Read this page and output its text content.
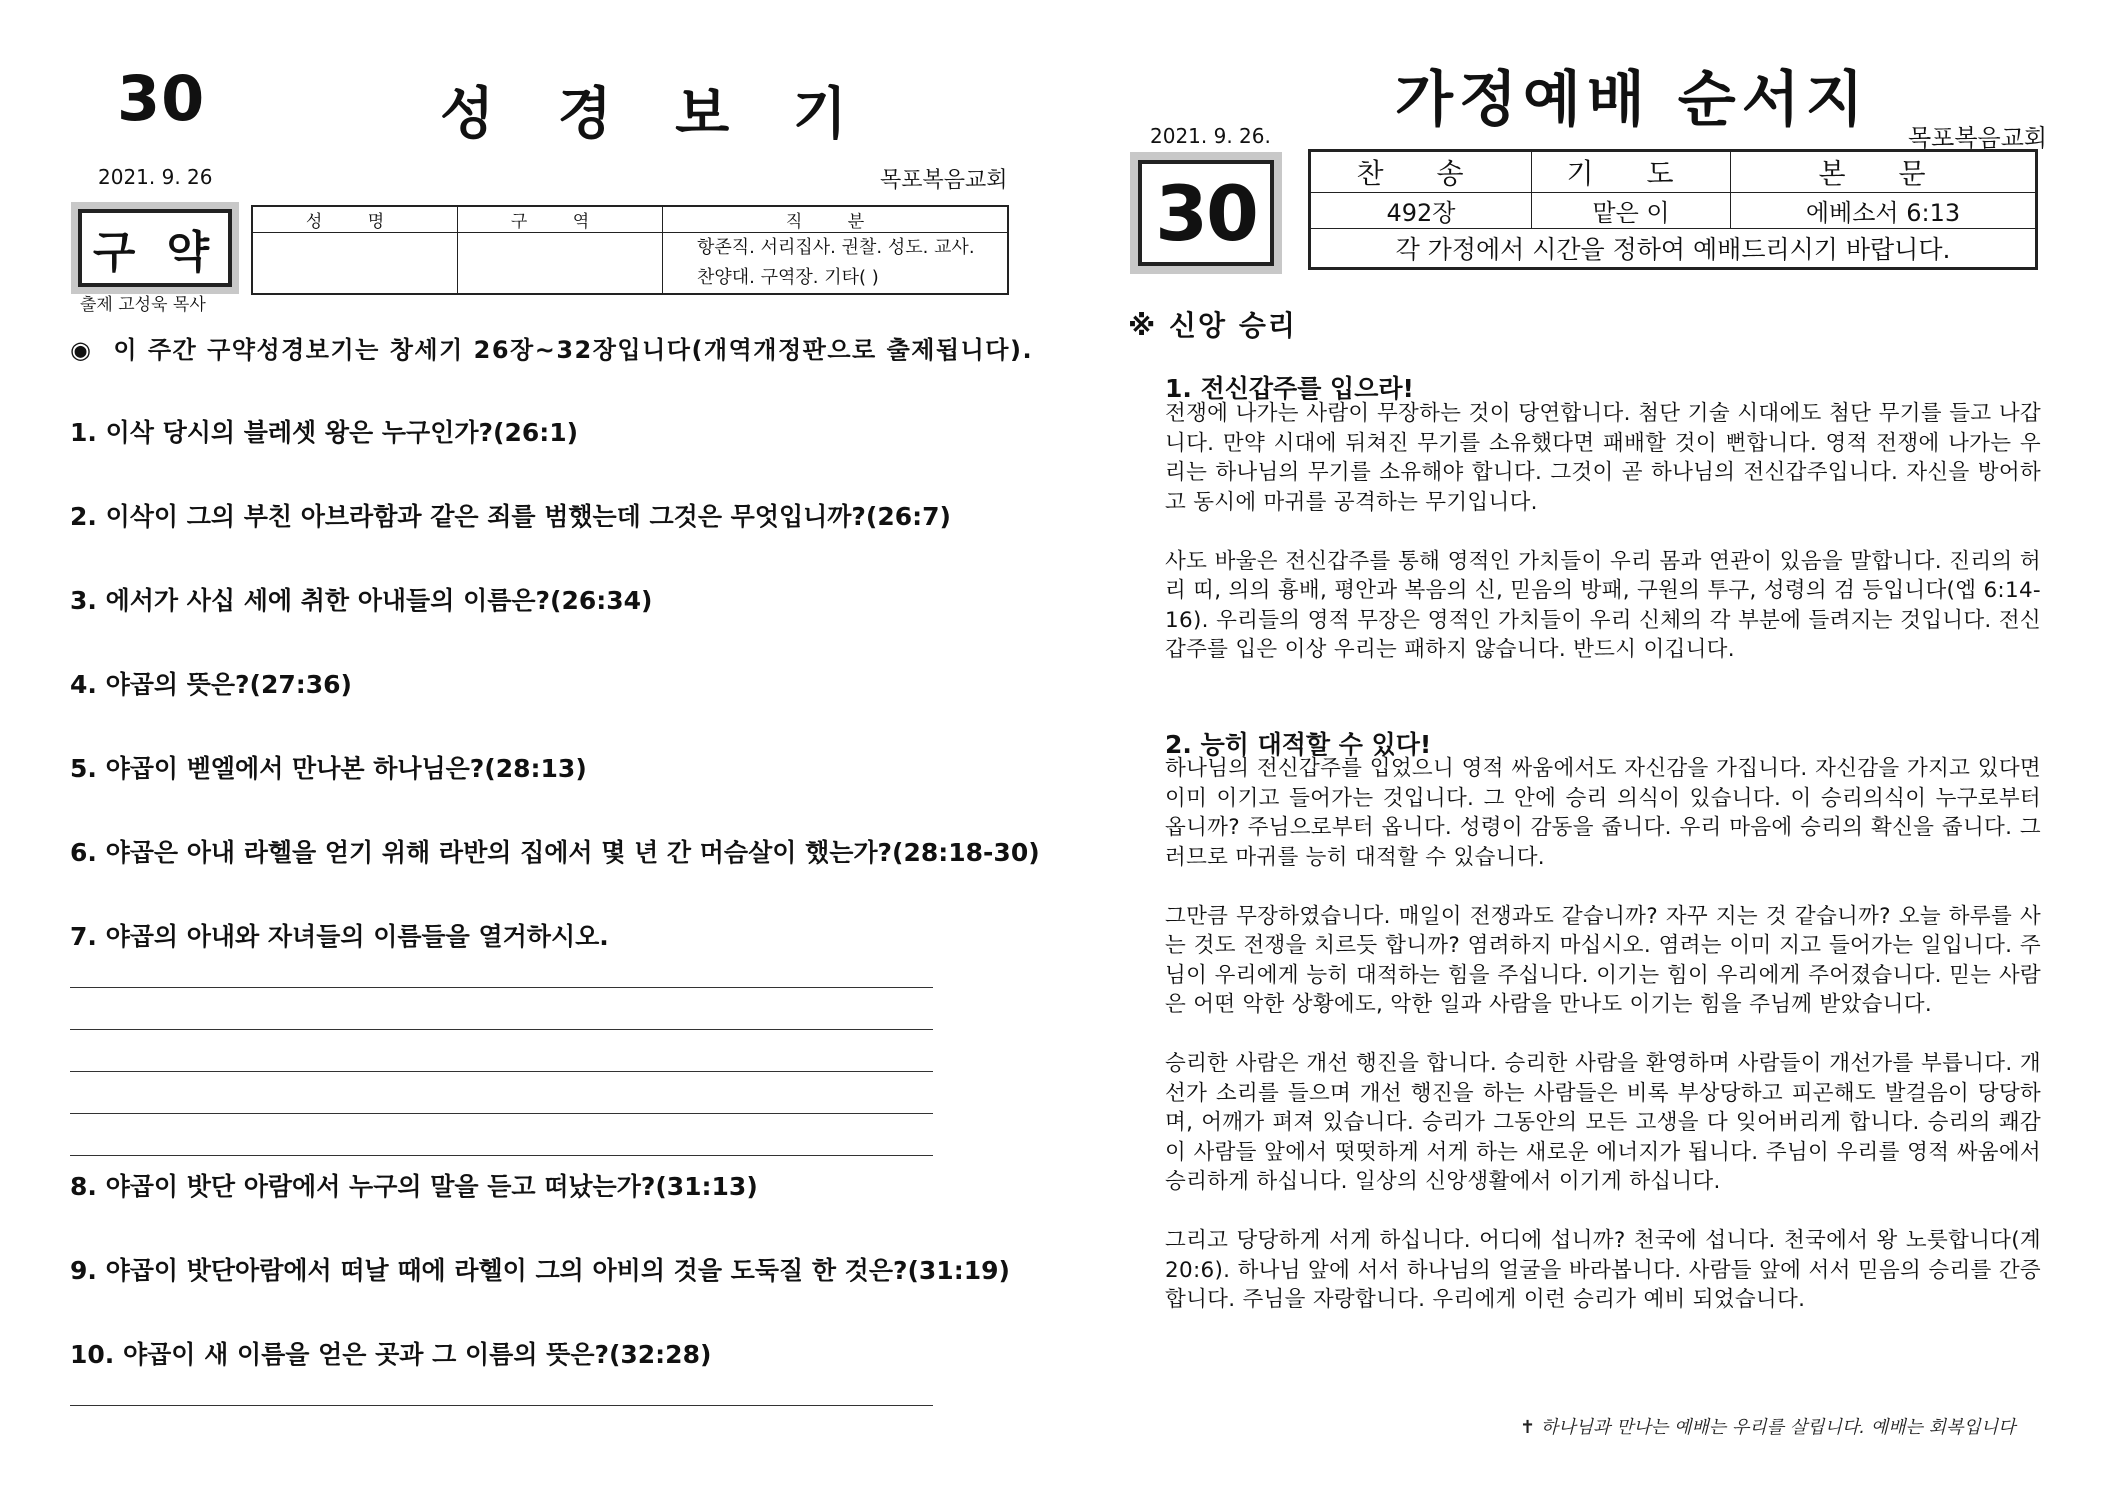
30	성 경 보 기
2021. 9. 26	목포복음교회
구 약
출제 고성욱 목사
성 명	구 역	직 분

		항존직. 서리집사. 권찰. 성도. 교사.
찬양대. 구역장. 기타( )
◉ 이 주간 구약성경보기는 창세기 26장~32장입니다(개역개정판으로 출제됩니다).
1. 이삭 당시의 블레셋 왕은 누구인가?(26:1)
2. 이삭이 그의 부친 아브라함과 같은 죄를 범했는데 그것은 무엇입니까?(26:7)
3. 에서가 사십 세에 취한 아내들의 이름은?(26:34)
4. 야곱의 뜻은?(27:36)
5. 야곱이 벧엘에서 만나본 하나님은?(28:13)
6. 야곱은 아내 라헬을 얻기 위해 라반의 집에서 몇 년 간 머슴살이 했는가?(28:18-30)
7. 야곱의 아내와 자녀들의 이름들을 열거하시오.
8. 야곱이 밧단 아람에서 누구의 말을 듣고 떠났는가?(31:13)
9. 야곱이 밧단아람에서 떠날 때에 라헬이 그의 아비의 것을 도둑질 한 것은?(31:19)
10. 야곱이 새 이름을 얻은 곳과 그 이름의 뜻은?(32:28)
가정예배 순서지
2021. 9. 26.	목포복음교회
30	찬 송	기 도	본 문
492장	맡은 이	에베소서 6:13
각 가정에서 시간을 정하여 예배드리시기 바랍니다.		
※ 신앙 승리
1. 전신갑주를 입으라!

전쟁에 나가는 사람이 무장하는 것이 당연합니다. 첨단 기술 시대에도 첨단 무기를 들고 나갑니다. 만약 시대에 뒤쳐진 무기를 소유했다면 패배할 것이 뻔합니다. 영적 전쟁에 나가는 우리는 하나님의 무기를 소유해야 합니다. 그것이 곧 하나님의 전신갑주입니다. 자신을 방어하고 동시에 마귀를 공격하는 무기입니다.

사도 바울은 전신갑주를 통해 영적인 가치들이 우리 몸과 연관이 있음을 말합니다. 진리의 허리 띠, 의의 흉배, 평안과 복음의 신, 믿음의 방패, 구원의 투구, 성령의 검 등입니다(엡 6:14-16). 우리들의 영적 무장은 영적인 가치들이 우리 신체의 각 부분에 들려지는 것입니다. 전신갑주를 입은 이상 우리는 패하지 않습니다. 반드시 이깁니다.

2. 능히 대적할 수 있다!

하나님의 전신갑주를 입었으니 영적 싸움에서도 자신감을 가집니다. 자신감을 가지고 있다면 이미 이기고 들어가는 것입니다. 그 안에 승리 의식이 있습니다. 이 승리의식이 누구로부터 옵니까? 주님으로부터 옵니다. 성령이 감동을 줍니다. 우리 마음에 승리의 확신을 줍니다. 그러므로 마귀를 능히 대적할 수 있습니다.

그만큼 무장하였습니다. 매일이 전쟁과도 같습니까? 자꾸 지는 것 같습니까? 오늘 하루를 사는 것도 전쟁을 치르듯 합니까? 염려하지 마십시오. 염려는 이미 지고 들어가는 일입니다. 주님이 우리에게 능히 대적하는 힘을 주십니다. 이기는 힘이 우리에게 주어졌습니다. 믿는 사람은 어떤 악한 상황에도, 악한 일과 사람을 만나도 이기는 힘을 주님께 받았습니다.

승리한 사람은 개선 행진을 합니다. 승리한 사람을 환영하며 사람들이 개선가를 부릅니다. 개선가 소리를 들으며 개선 행진을 하는 사람들은 비록 부상당하고 피곤해도 발걸음이 당당하며, 어깨가 펴져 있습니다. 승리가 그동안의 모든 고생을 다 잊어버리게 합니다. 승리의 쾌감이 사람들 앞에서 떳떳하게 서게 하는 새로운 에너지가 됩니다. 주님이 우리를 영적 싸움에서 승리하게 하십니다. 일상의 신앙생활에서 이기게 하십니다.

그리고 당당하게 서게 하십니다. 어디에 섭니까? 천국에 섭니다. 천국에서 왕 노릇합니다(계 20:6). 하나님 앞에 서서 하나님의 얼굴을 바라봅니다. 사람들 앞에 서서 믿음의 승리를 간증합니다. 주님을 자랑합니다. 우리에게 이런 승리가 예비 되었습니다.

✝ 하나님과 만나는 예배는 우리를 살립니다. 예배는 회복입니다
